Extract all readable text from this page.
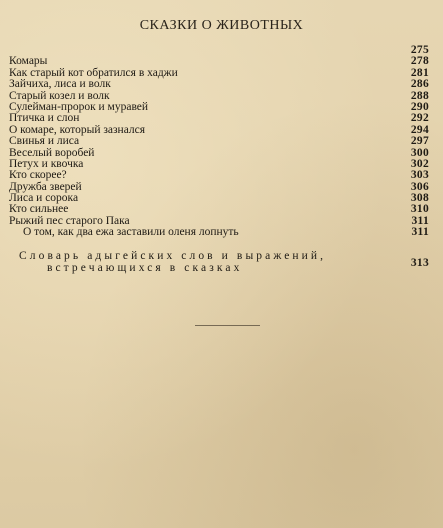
СКАЗКИ О ЖИВОТНЫХ
275
Комары	278
Как старый кот обратился в хаджи	281
Зайчиха, лиса и волк	286
Старый козел и волк	288
Сулейман-пророк и муравей	290
Птичка и слон	292
О комаре, который зазнался	294
Свинья и лиса	297
Веселый воробей	300
Петух и квочка	302
Кто скорее?	303
Дружба зверей	306
Лиса и сорока	308
Кто сильнее	310
Рыжий пес старого Пака	311
О том, как два ежа заставили оленя лопнуть	311
Словарь адыгейских слов и выражений,
встречающихся в сказках	313
